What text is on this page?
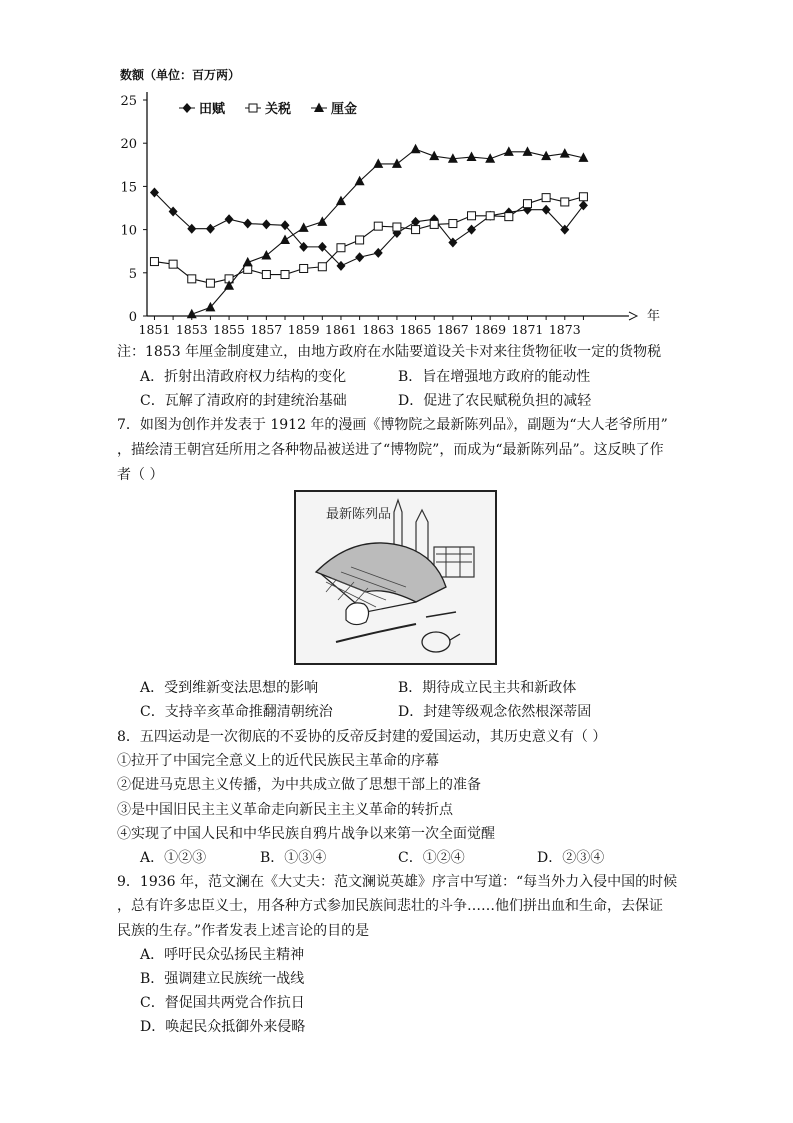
数额（单位：百万两）
0
5
10
15
20
25
1851 1853 1855 1857 1859 1861 1863 1865 1867 1869 1871 1873
年
田赋	关税	厘金
注：1853 年厘金制度建立，由地方政府在水陆要道设关卡对来往货物征收一定的货物税
A．折射出清政府权力结构的变化	B．旨在增强地方政府的能动性
C．瓦解了清政府的封建统治基础	D．促进了农民赋税负担的减轻
7．如图为创作并发表于 1912 年的漫画《博物院之最新陈列品》，副题为“大人老爷所用”
，描绘清王朝宫廷所用之各种物品被送进了“博物院”，而成为“最新陈列品”。这反映了作
者（ ）
最新陈列品
A．受到维新变法思想的影响	B．期待成立民主共和新政体
C．支持辛亥革命推翻清朝统治	D．封建等级观念依然根深蒂固
8．五四运动是一次彻底的不妥协的反帝反封建的爱国运动，其历史意义有（ ）
①拉开了中国完全意义上的近代民族民主革命的序幕
②促进马克思主义传播，为中共成立做了思想干部上的准备
③是中国旧民主主义革命走向新民主主义革命的转折点
④实现了中国人民和中华民族自鸦片战争以来第一次全面觉醒
A．①②③	B．①③④	C．①②④	D．②③④
9．1936 年，范文澜在《大丈夫：范文澜说英雄》序言中写道：“每当外力入侵中国的时候
，总有许多忠臣义士，用各种方式参加民族间悲壮的斗争……他们拼出血和生命，去保证
民族的生存。”作者发表上述言论的目的是
A．呼吁民众弘扬民主精神
B．强调建立民族统一战线
C．督促国共两党合作抗日
D．唤起民众抵御外来侵略
